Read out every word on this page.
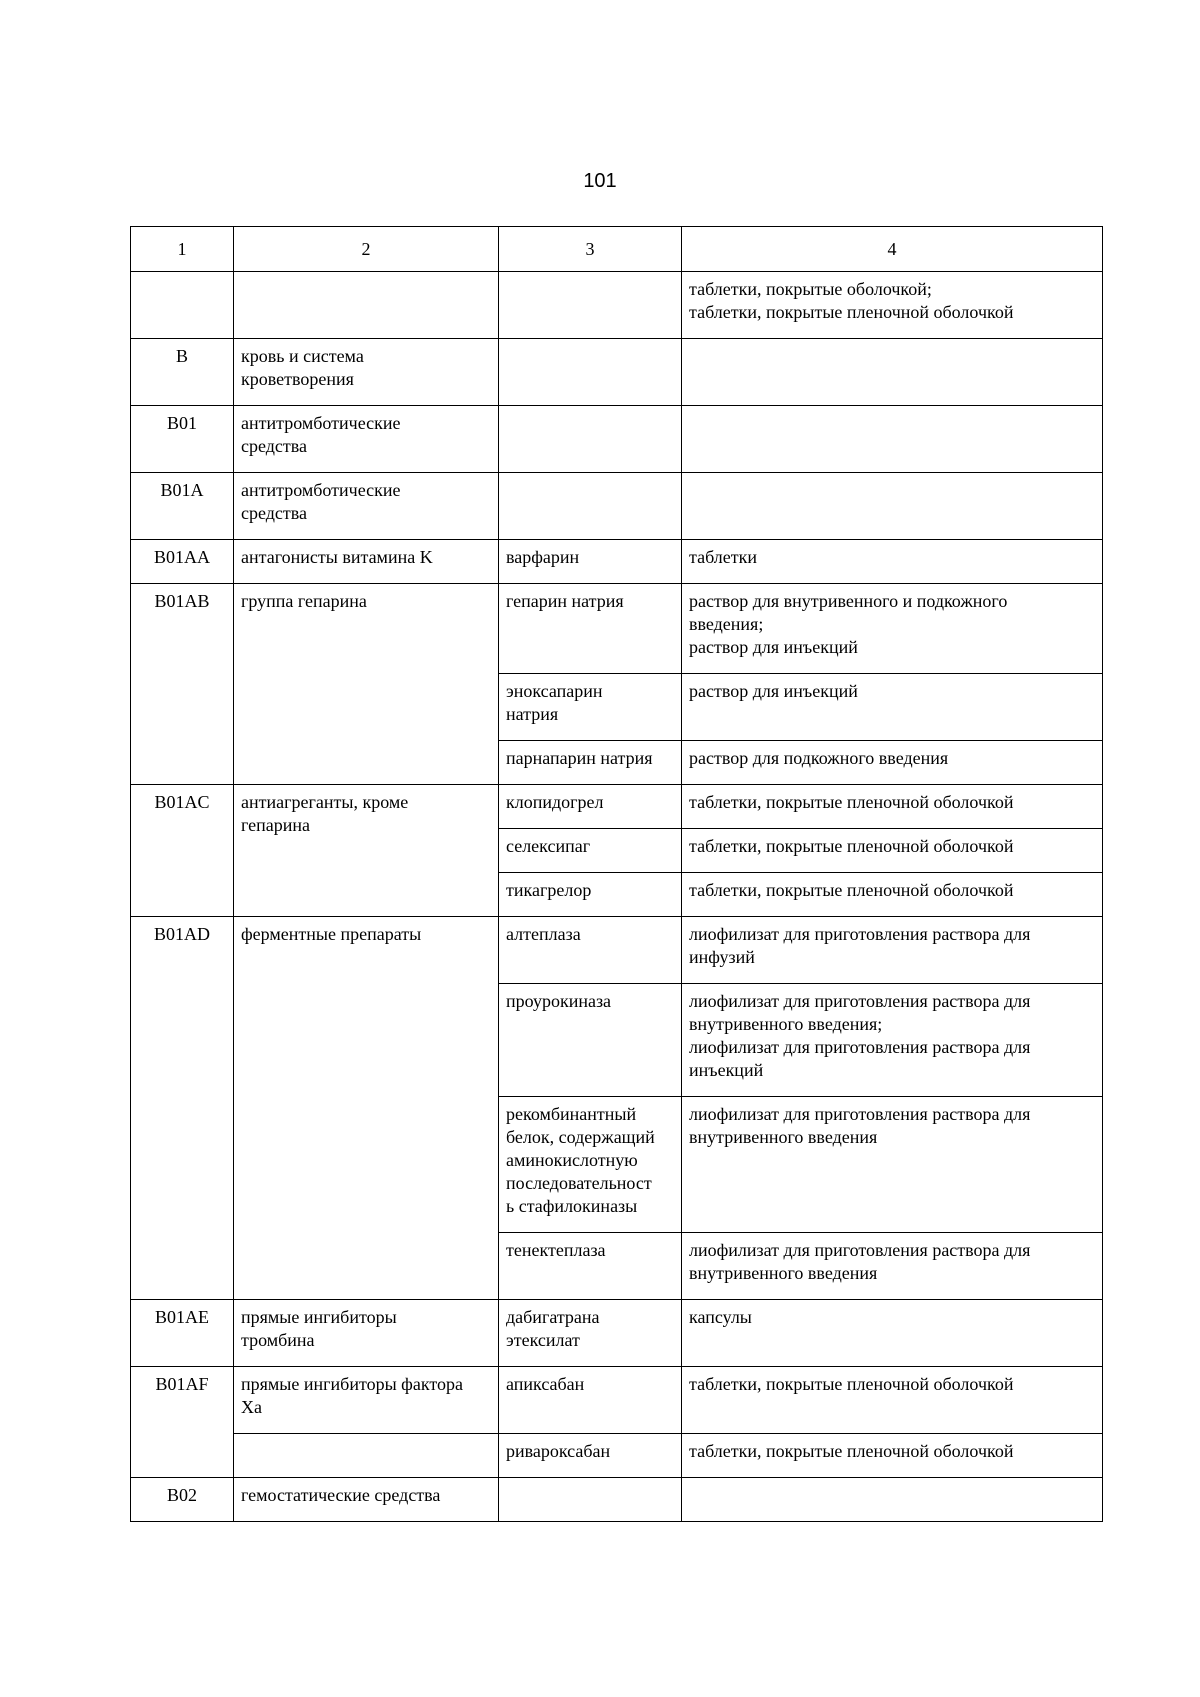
101
1	2	3	4
			таблетки, покрытые оболочкой;
таблетки, покрытые пленочной оболочкой
B	кровь и система
кроветворения		
B01	антитромботические
средства		
B01A	антитромботические
средства		
B01AA	антагонисты витамина K	варфарин	таблетки
B01AB	группа гепарина	гепарин натрия	раствор для внутривенного и подкожного
введения;
раствор для инъекций
		эноксапарин
натрия	раствор для инъекций
		парнапарин натрия	раствор для подкожного введения
B01AC	антиагреганты, кроме
гепарина	клопидогрел	таблетки, покрытые пленочной оболочкой
		селексипаг	таблетки, покрытые пленочной оболочкой
		тикагрелор	таблетки, покрытые пленочной оболочкой
B01AD	ферментные препараты	алтеплаза	лиофилизат для приготовления раствора для
инфузий
		проурокиназа	лиофилизат для приготовления раствора для
внутривенного введения;
лиофилизат для приготовления раствора для
инъекций
		рекомбинантный
белок, содержащий
аминокислотную
последовательност
ь стафилокиназы	лиофилизат для приготовления раствора для
внутривенного введения
		тенектеплаза	лиофилизат для приготовления раствора для
внутривенного введения
B01AE	прямые ингибиторы
тромбина	дабигатрана
этексилат	капсулы
B01AF	прямые ингибиторы фактора
Xa	апиксабан	таблетки, покрытые пленочной оболочкой
		ривароксабан	таблетки, покрытые пленочной оболочкой
B02	гемостатические средства		
